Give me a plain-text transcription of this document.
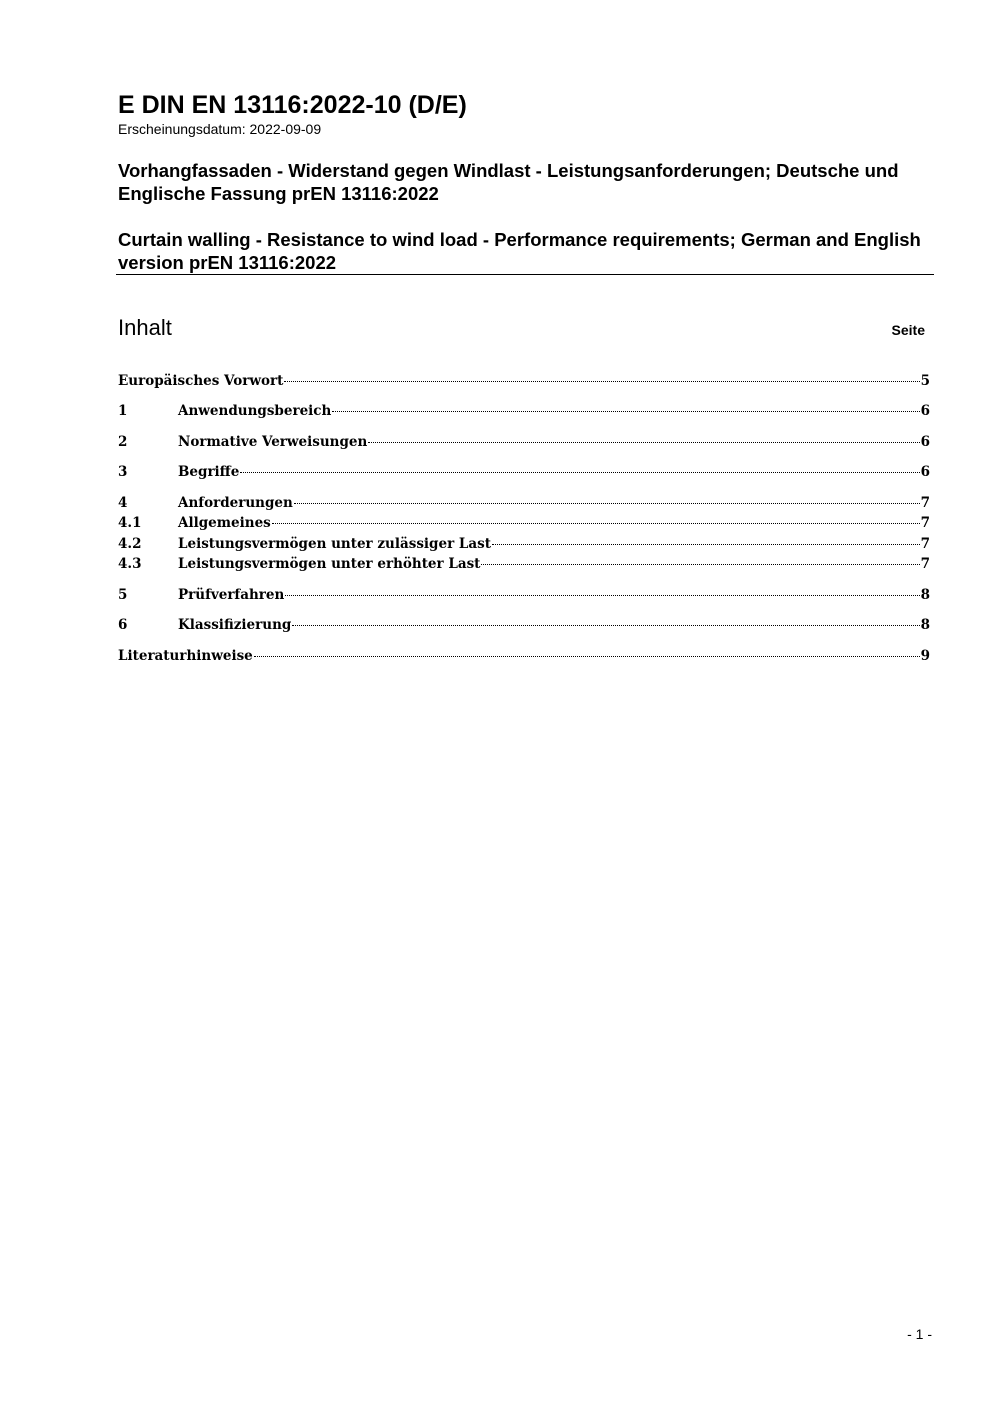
E DIN EN 13116:2022-10 (D/E)
Erscheinungsdatum: 2022-09-09

Vorhangfassaden - Widerstand gegen Windlast - Leistungsanforderungen; Deutsche und Englische Fassung prEN 13116:2022

Curtain walling - Resistance to wind load - Performance requirements; German and English version prEN 13116:2022

Inhalt	Seite
Europäisches Vorwort	5
1	Anwendungsbereich	6
2	Normative Verweisungen	6
3	Begriffe	6
4	Anforderungen	7
4.1	Allgemeines	7
4.2	Leistungsvermögen unter zulässiger Last	7
4.3	Leistungsvermögen unter erhöhter Last	7
5	Prüfverfahren	8
6	Klassifizierung	8
Literaturhinweise	9
- 1 -
